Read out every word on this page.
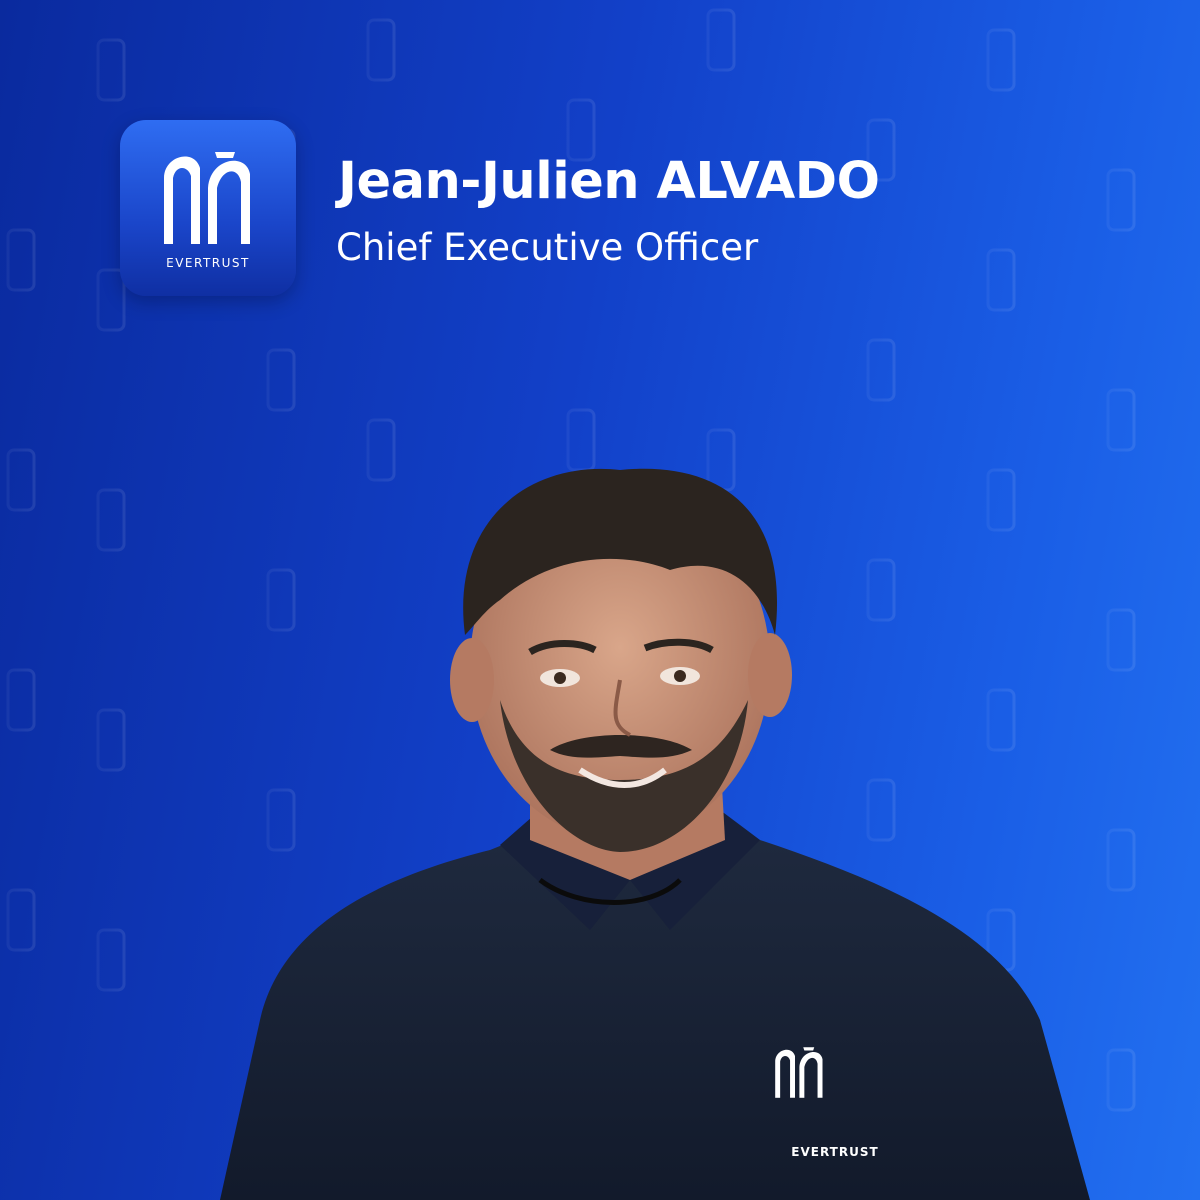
EVERTRUST
Jean-Julien ALVADO
Chief Executive Officer
EVERTRUST
